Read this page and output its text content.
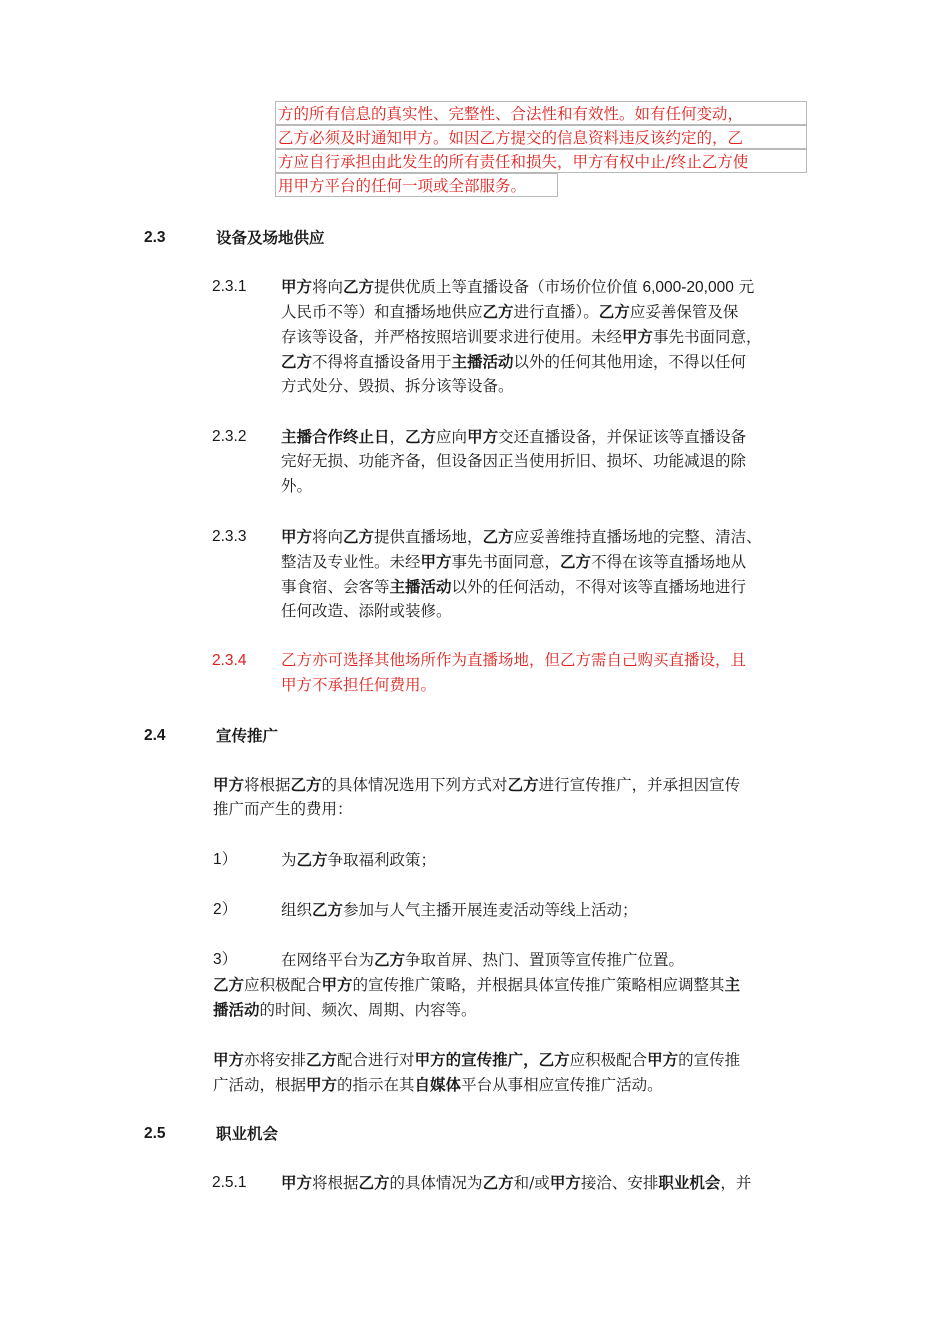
方的所有信息的真实性、完整性、合法性和有效性。如有任何变动，
乙方必须及时通知甲方。如因乙方提交的信息资料违反该约定的，乙
方应自行承担由此发生的所有责任和损失，甲方有权中止/终止乙方使
用甲方平台的任何一项或全部服务。
2.3	设备及场地供应
2.3.1 甲方将向乙方提供优质上等直播设备（市场价位价值 6,000-20,000 元
人民币不等）和直播场地供应乙方进行直播）。乙方应妥善保管及保
存该等设备，并严格按照培训要求进行使用。未经甲方事先书面同意，
乙方不得将直播设备用于主播活动以外的任何其他用途，不得以任何
方式处分、毁损、拆分该等设备。
2.3.2 主播合作终止日，乙方应向甲方交还直播设备，并保证该等直播设备
完好无损、功能齐备，但设备因正当使用折旧、损坏、功能减退的除
外。
2.3.3 甲方将向乙方提供直播场地，乙方应妥善维持直播场地的完整、清洁、
整洁及专业性。未经甲方事先书面同意，乙方不得在该等直播场地从
事食宿、会客等主播活动以外的任何活动，不得对该等直播场地进行
任何改造、添附或装修。
2.3.4 乙方亦可选择其他场所作为直播场地，但乙方需自己购买直播设，且
甲方不承担任何费用。
2.4	宣传推广
甲方将根据乙方的具体情况选用下列方式对乙方进行宣传推广，并承担因宣传
推广而产生的费用：
1）	为乙方争取福利政策；
2）	组织乙方参加与人气主播开展连麦活动等线上活动；
3）	在网络平台为乙方争取首屏、热门、置顶等宣传推广位置。
乙方应积极配合甲方的宣传推广策略，并根据具体宣传推广策略相应调整其主
播活动的时间、频次、周期、内容等。
甲方亦将安排乙方配合进行对甲方的宣传推广，乙方应积极配合甲方的宣传推
广活动，根据甲方的指示在其自媒体平台从事相应宣传推广活动。
2.5	职业机会
2.5.1 甲方将根据乙方的具体情况为乙方和/或甲方接洽、安排职业机会，并
